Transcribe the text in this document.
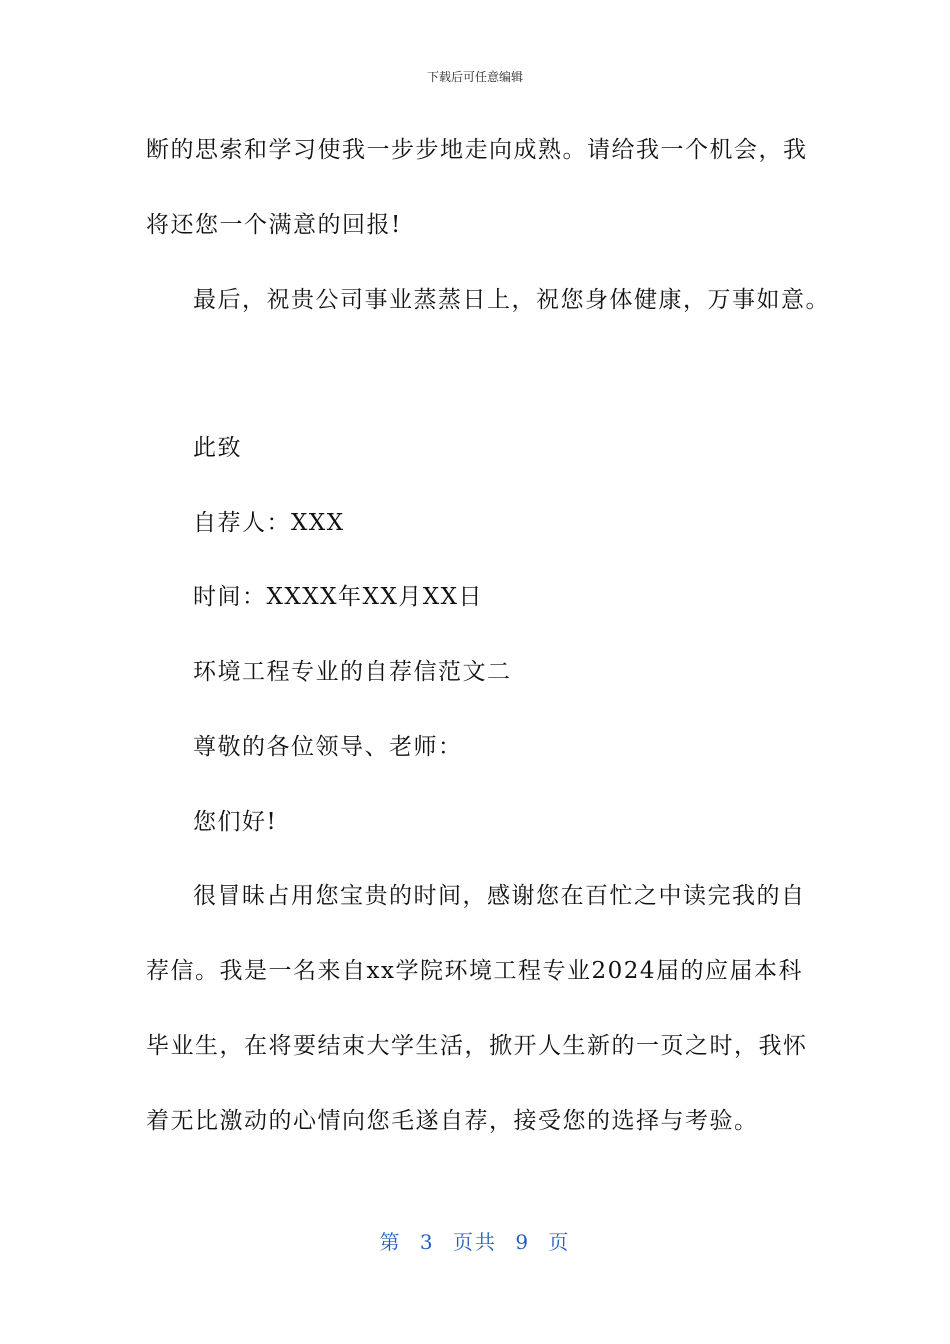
下载后可任意编辑
断的思索和学习使我一步步地走向成熟。请给我一个机会，我
将还您一个满意的回报!
最后，祝贵公司事业蒸蒸日上，祝您身体健康，万事如意。
此致
自荐人：XXX
时间：XXXX年XX月XX日
环境工程专业的自荐信范文二
尊敬的各位领导、老师：
您们好!
很冒昧占用您宝贵的时间，感谢您在百忙之中读完我的自
荐信。我是一名来自xx学院环境工程专业2024届的应届本科
毕业生，在将要结束大学生活，掀开人生新的一页之时，我怀
着无比激动的心情向您毛遂自荐，接受您的选择与考验。
第 3 页共 9 页
